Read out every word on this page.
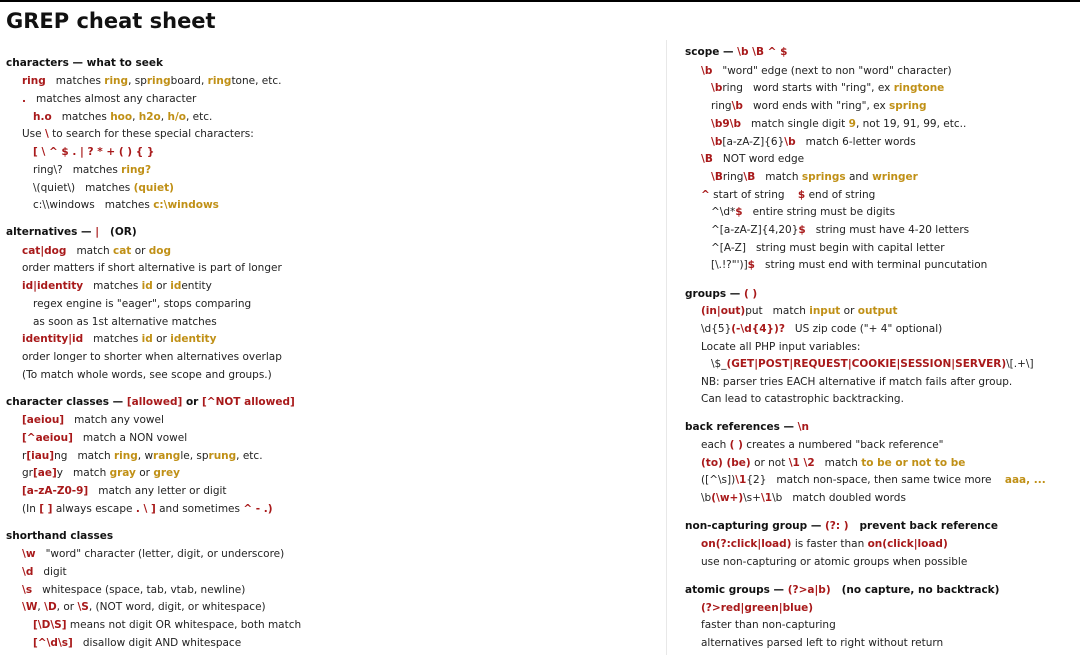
GREP cheat sheet
characters — what to seek
ring matches ring, springboard, ringtone, etc.
. matches almost any character
h.o matches hoo, h2o, h/o, etc.
Use \ to search for these special characters:
[ \ ^ $ . | ? * + ( ) { }
ring\? matches ring?
\(quiet\) matches (quiet)
c:\\windows matches c:\windows
alternatives — | (OR)
cat|dog match cat or dog
order matters if short alternative is part of longer
id|identity matches id or identity
regex engine is "eager", stops comparing
as soon as 1st alternative matches
identity|id matches id or identity
order longer to shorter when alternatives overlap
(To match whole words, see scope and groups.)
character classes — [allowed] or [^NOT allowed]
[aeiou] match any vowel
[^aeiou] match a NON vowel
r[iau]ng match ring, wrangle, sprung, etc.
gr[ae]y match gray or grey
[a-zA-Z0-9] match any letter or digit
(In [ ] always escape . \ ] and sometimes ^ - .)
shorthand classes
\w "word" character (letter, digit, or underscore)
\d digit
\s whitespace (space, tab, vtab, newline)
\W, \D, or \S, (NOT word, digit, or whitespace)
[\D\S] means not digit OR whitespace, both match
[^\d\s] disallow digit AND whitespace
scope — \b \B ^ $
\b "word" edge (next to non "word" character)
\bring word starts with "ring", ex ringtone
ring\b word ends with "ring", ex spring
\b9\b match single digit 9, not 19, 91, 99, etc..
\b[a-zA-Z]{6}\b match 6-letter words
\B NOT word edge
\Bring\B match springs and wringer
^ start of string $ end of string
^\d*$ entire string must be digits
^[a-zA-Z]{4,20}$ string must have 4-20 letters
^[A-Z] string must begin with capital letter
[\.!?"')]$ string must end with terminal puncutation
groups — ( )
(in|out)put match input or output
\d{5}(-\d{4})? US zip code ("+ 4" optional)
Locate all PHP input variables:
\$_(GET|POST|REQUEST|COOKIE|SESSION|SERVER)\[.+\]
NB: parser tries EACH alternative if match fails after group.
Can lead to catastrophic backtracking.
back references — \n
each ( ) creates a numbered "back reference"
(to) (be) or not \1 \2 match to be or not to be
([^\s])\1{2} match non-space, then same twice more aaa, ...
\b(\w+)\s+\1\b match doubled words
non-capturing group — (?: ) prevent back reference
on(?:click|load) is faster than on(click|load)
use non-capturing or atomic groups when possible
atomic groups — (?>a|b) (no capture, no backtrack)
(?>red|green|blue)
faster than non-capturing
alternatives parsed left to right without return
